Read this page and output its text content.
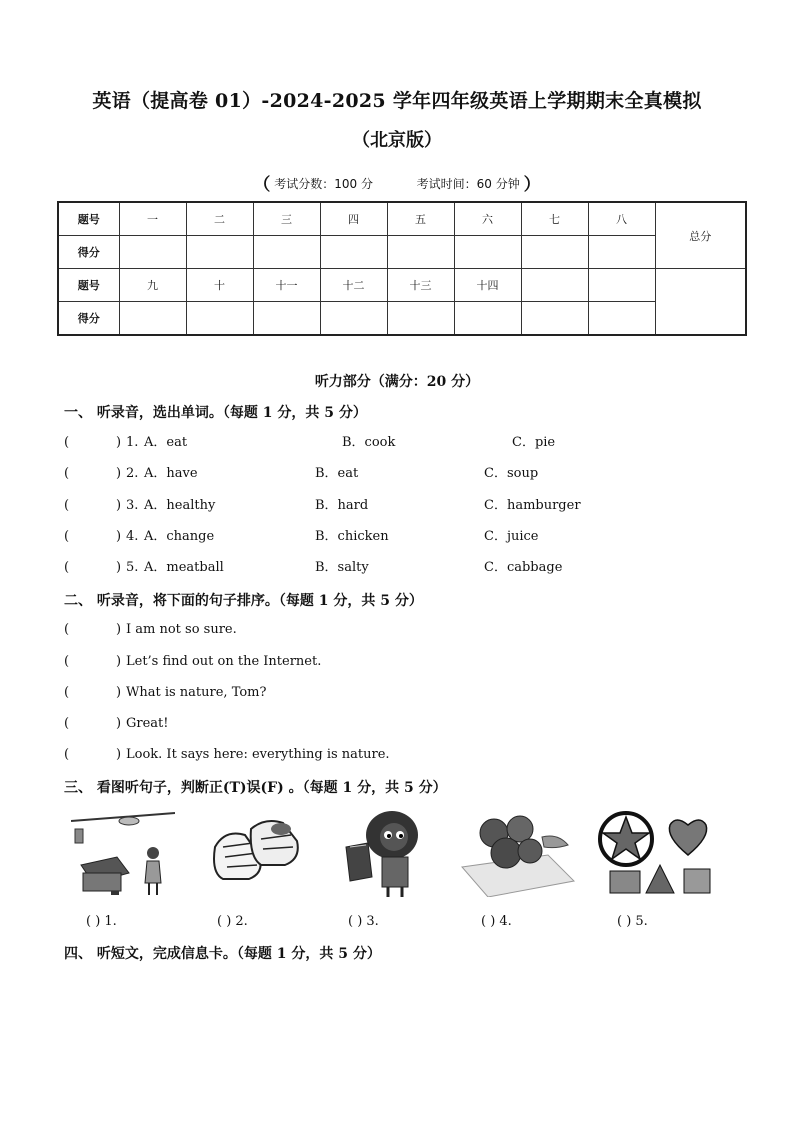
英语（提高卷 01）-2024-2025 学年四年级英语上学期期末全真模拟
（北京版）
（ 考试分数：100 分	考试时间：60 分钟 ）
题号	一	二	三	四	五	六	七	八	总分
得分									
题号	九	十	十一	十二	十三	十四			
得分									
听力部分（满分：20 分）
一、 听录音，选出单词。（每题 1 分，共 5 分）
(	) 1. A．eat	B．cook	C．pie
(	) 2. A．have	B．eat	C．soup
(	) 3. A．healthy	B．hard	C．hamburger
(	) 4. A．change	B．chicken	C．juice
(	) 5. A．meatball	B．salty	C．cabbage
二、 听录音，将下面的句子排序。（每题 1 分，共 5 分）
(	) I am not so sure.
(	) Let’s find out on the Internet.
(	) What is nature, Tom?
(	) Great!
(	) Look. It says here: everything is nature.
三、 看图听句子，判断正(T)误(F) 。（每题 1 分，共 5 分）
( ) 1.	( ) 2.	( ) 3.	( ) 4.	( ) 5.
四、 听短文，完成信息卡。（每题 1 分，共 5 分）
